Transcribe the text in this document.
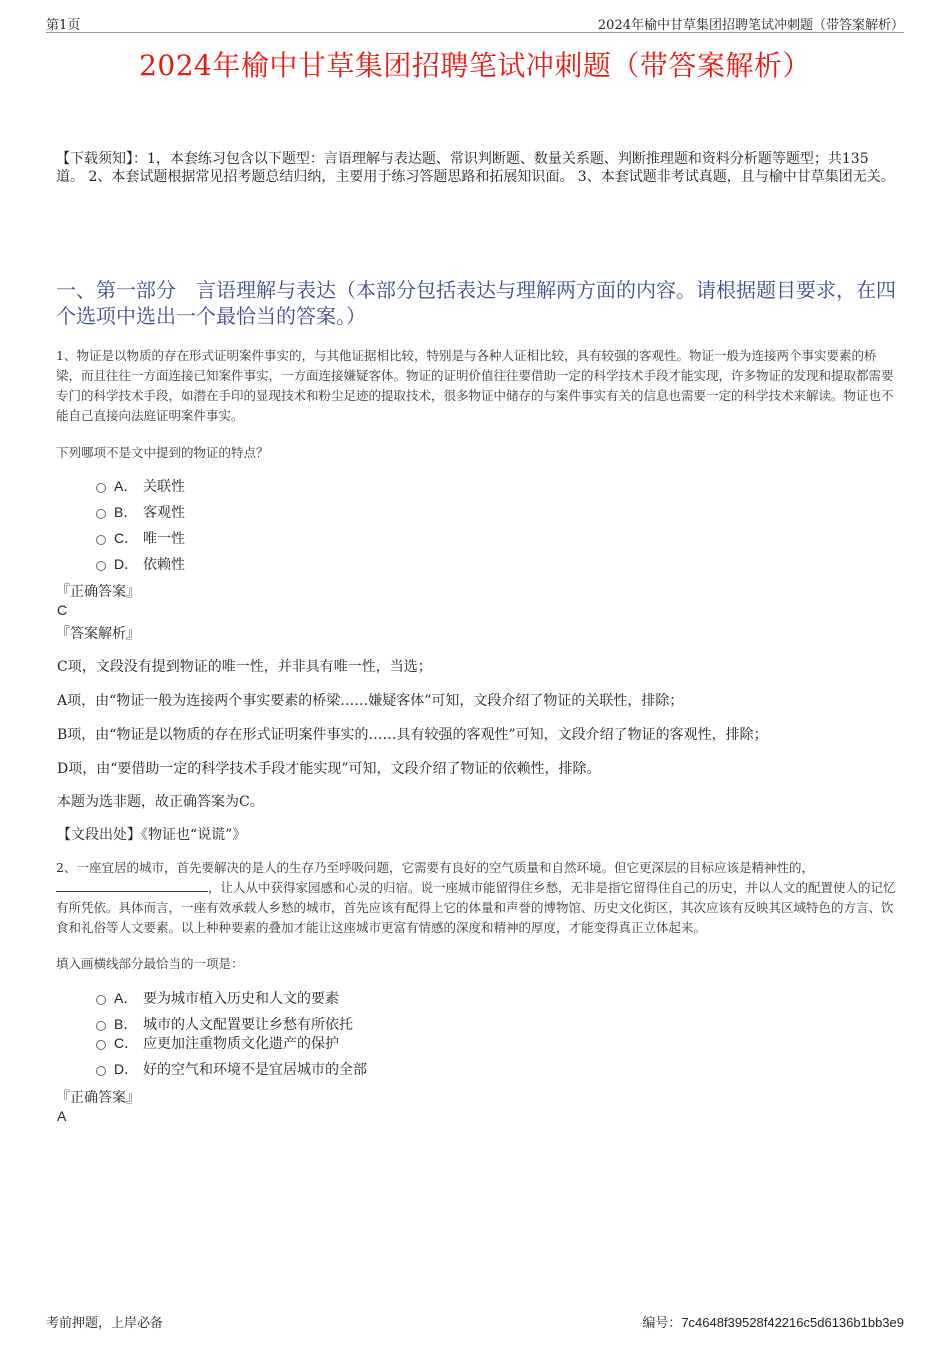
第1页	2024年榆中甘草集团招聘笔试冲刺题（带答案解析）
2024年榆中甘草集团招聘笔试冲刺题（带答案解析）
【下载须知】：1，本套练习包含以下题型：言语理解与表达题、常识判断题、数量关系题、判断推理题和资料分析题等题型；共135道。 2、本套试题根据常见招考题总结归纳，主要用于练习答题思路和拓展知识面。 3、本套试题非考试真题，且与榆中甘草集团无关。
一、第一部分　言语理解与表达（本部分包括表达与理解两方面的内容。请根据题目要求，在四个选项中选出一个最恰当的答案。）
1、物证是以物质的存在形式证明案件事实的，与其他证据相比较，特别是与各种人证相比较，具有较强的客观性。物证一般为连接两个事实要素的桥梁，而且往往一方面连接已知案件事实，一方面连接嫌疑客体。物证的证明价值往往要借助一定的科学技术手段才能实现，许多物证的发现和提取都需要专门的科学技术手段，如潜在手印的显现技术和粉尘足迹的提取技术，很多物证中储存的与案件事实有关的信息也需要一定的科学技术来解读。物证也不能自己直接向法庭证明案件事实。
下列哪项不是文中提到的物证的特点？
A． 关联性
B． 客观性
C． 唯一性
D． 依赖性
『正确答案』
C
『答案解析』
C项，文段没有提到物证的唯一性，并非具有唯一性，当选；
A项，由“物证一般为连接两个事实要素的桥梁……嫌疑客体”可知，文段介绍了物证的关联性，排除；
B项，由“物证是以物质的存在形式证明案件事实的……具有较强的客观性”可知，文段介绍了物证的客观性，排除；
D项，由“要借助一定的科学技术手段才能实现”可知，文段介绍了物证的依赖性，排除。
本题为选非题，故正确答案为C。
【文段出处】《物证也“说谎”》
2、一座宜居的城市，首先要解决的是人的生存乃至呼吸问题，它需要有良好的空气质量和自然环境。但它更深层的目标应该是精神性的，，让人从中获得家园感和心灵的归宿。说一座城市能留得住乡愁，无非是指它留得住自己的历史，并以人文的配置使人的记忆有所凭依。具体而言，一座有效承载人乡愁的城市，首先应该有配得上它的体量和声誉的博物馆、历史文化街区，其次应该有反映其区域特色的方言、饮食和礼俗等人文要素。以上种种要素的叠加才能让这座城市更富有情感的深度和精神的厚度，才能变得真正立体起来。
填入画横线部分最恰当的一项是：
A． 要为城市植入历史和人文的要素
B． 城市的人文配置要让乡愁有所依托
C． 应更加注重物质文化遗产的保护
D． 好的空气和环境不是宜居城市的全部
『正确答案』
A
考前押题，上岸必备	编号：7c4648f39528f42216c5d6136b1bb3e9
